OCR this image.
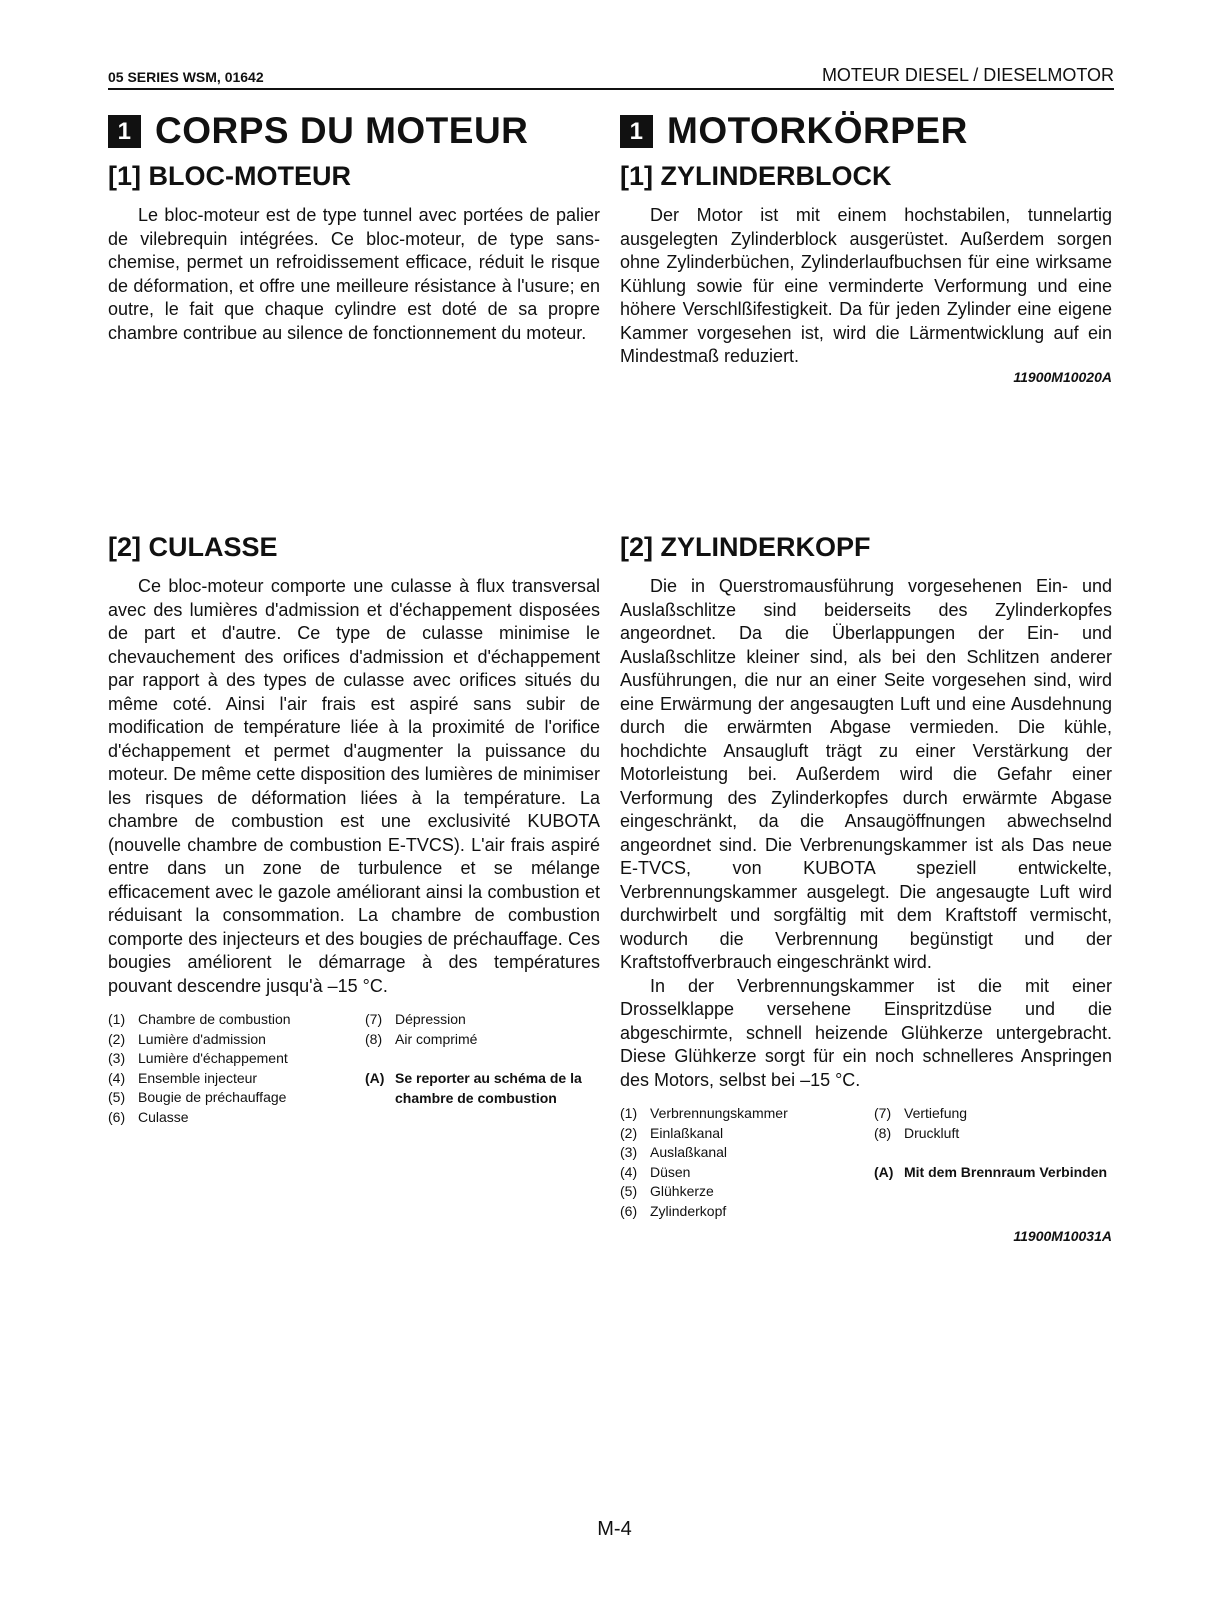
05 SERIES WSM, 01642	MOTEUR DIESEL / DIESELMOTOR
1 CORPS DU MOTEUR	1 MOTORKÖRPER
[1] BLOC-MOTEUR

Le bloc-moteur est de type tunnel avec portées de palier de vilebrequin intégrées. Ce bloc-moteur, de type sans-chemise, permet un refroidissement efficace, réduit le risque de déformation, et offre une meilleure résistance à l'usure; en outre, le fait que chaque cylindre est doté de sa propre chambre contribue au silence de fonctionnement du moteur.

[1] ZYLINDERBLOCK

Der Motor ist mit einem hochstabilen, tunnelartig ausgelegten Zylinderblock ausgerüstet. Außerdem sorgen ohne Zylinderbüchen, Zylinderlaufbuchsen für eine wirksame Kühlung sowie für eine verminderte Verformung und eine höhere Verschlßifestigkeit. Da für jeden Zylinder eine eigene Kammer vorgesehen ist, wird die Lärmentwicklung auf ein Mindestmaß reduziert.

11900M10020A
[2] CULASSE

Ce bloc-moteur comporte une culasse à flux transversal avec des lumières d'admission et d'échappement disposées de part et d'autre. Ce type de culasse minimise le chevauchement des orifices d'admission et d'échappement par rapport à des types de culasse avec orifices situés du même coté. Ainsi l'air frais est aspiré sans subir de modification de température liée à la proximité de l'orifice d'échappement et permet d'augmenter la puissance du moteur. De même cette disposition des lumières de minimiser les risques de déformation liées à la température. La chambre de combustion est une exclusivité KUBOTA (nouvelle chambre de combustion E-TVCS). L'air frais aspiré entre dans un zone de turbulence et se mélange efficacement avec le gazole améliorant ainsi la combustion et réduisant la consommation. La chambre de combustion comporte des injecteurs et des bougies de préchauffage. Ces bougies améliorent le démarrage à des températures pouvant descendre jusqu'à –15 °C.

(1) Chambre de combustion
(2) Lumière d'admission
(3) Lumière d'échappement
(4) Ensemble injecteur
(5) Bougie de préchauffage
(6) Culasse
(7) Dépression
(8) Air comprimé
(A) Se reporter au schéma de la chambre de combustion
[2] ZYLINDERKOPF

Die in Querstromausführung vorgesehenen Ein- und Auslaßschlitze sind beiderseits des Zylinderkopfes angeordnet. Da die Überlappungen der Ein- und Auslaßschlitze kleiner sind, als bei den Schlitzen anderer Ausführungen, die nur an einer Seite vorgesehen sind, wird eine Erwärmung der angesaugten Luft und eine Ausdehnung durch die erwärmten Abgase vermieden. Die kühle, hochdichte Ansaugluft trägt zu einer Verstärkung der Motorleistung bei. Außerdem wird die Gefahr einer Verformung des Zylinderkopfes durch erwärmte Abgase eingeschränkt, da die Ansaugöffnungen abwechselnd angeordnet sind. Die Verbrenungskammer ist als Das neue E-TVCS, von KUBOTA speziell entwickelte, Verbrennungskammer ausgelegt. Die angesaugte Luft wird durchwirbelt und sorgfältig mit dem Kraftstoff vermischt, wodurch die Verbrennung begünstigt und der Kraftstoffverbrauch eingeschränkt wird.

In der Verbrennungskammer ist die mit einer Drosselklappe versehene Einspritzdüse und die abgeschirmte, schnell heizende Glühkerze untergebracht. Diese Glühkerze sorgt für ein noch schnelleres Anspringen des Motors, selbst bei –15 °C.

(1) Verbrennungskammer
(2) Einlaßkanal
(3) Auslaßkanal
(4) Düsen
(5) Glühkerze
(6) Zylinderkopf
(7) Vertiefung
(8) Druckluft
(A) Mit dem Brennraum Verbinden
11900M10031A
M-4
